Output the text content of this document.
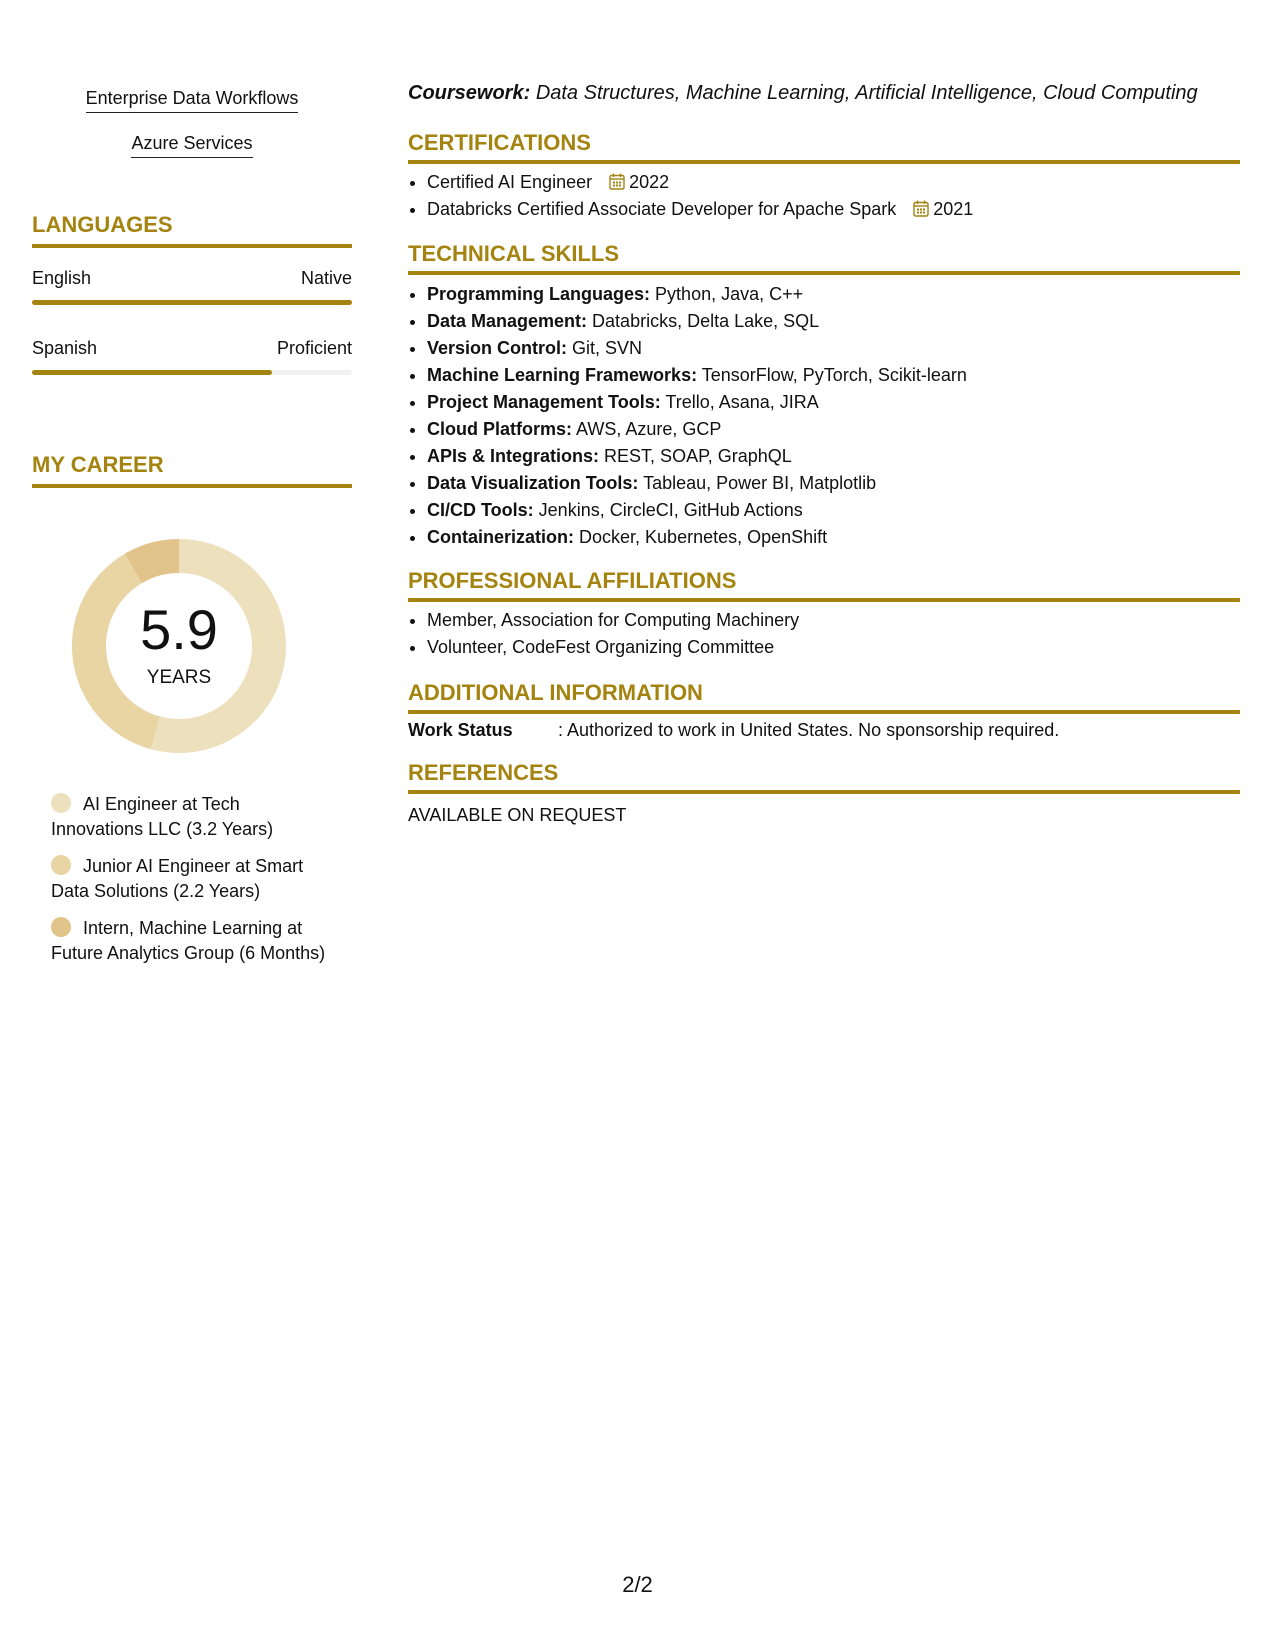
Enterprise Data Workflows
Azure Services
LANGUAGES
English	Native
Spanish	Proficient
MY CAREER
5.9
YEARS
AI Engineer at Tech Innovations LLC (3.2 Years)
Junior AI Engineer at Smart Data Solutions (2.2 Years)
Intern, Machine Learning at Future Analytics Group (6 Months)
Coursework: Data Structures, Machine Learning, Artificial Intelligence, Cloud Computing
CERTIFICATIONS
• Certified AI Engineer 2022
• Databricks Certified Associate Developer for Apache Spark 2021
TECHNICAL SKILLS
• Programming Languages: Python, Java, C++
• Data Management: Databricks, Delta Lake, SQL
• Version Control: Git, SVN
• Machine Learning Frameworks: TensorFlow, PyTorch, Scikit-learn
• Project Management Tools: Trello, Asana, JIRA
• Cloud Platforms: AWS, Azure, GCP
• APIs & Integrations: REST, SOAP, GraphQL
• Data Visualization Tools: Tableau, Power BI, Matplotlib
• CI/CD Tools: Jenkins, CircleCI, GitHub Actions
• Containerization: Docker, Kubernetes, OpenShift
PROFESSIONAL AFFILIATIONS
• Member, Association for Computing Machinery
• Volunteer, CodeFest Organizing Committee
ADDITIONAL INFORMATION
Work Status	: Authorized to work in United States. No sponsorship required.
REFERENCES
AVAILABLE ON REQUEST
2/2
